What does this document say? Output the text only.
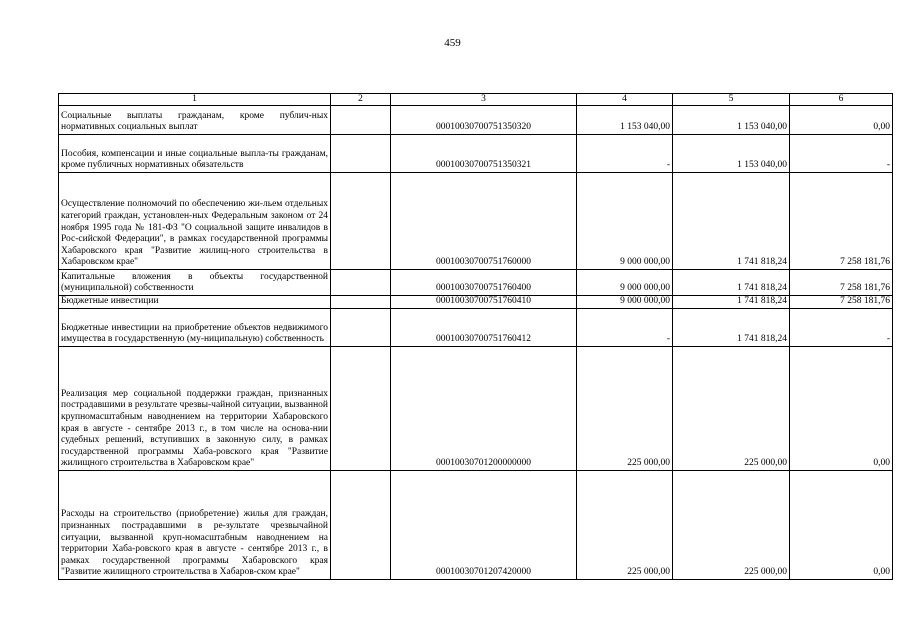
459
1	2	3	4	5	6
Социальные выплаты гражданам, кроме публич-ных нормативных социальных выплат		00010030700751350320	1 153 040,00	1 153 040,00	0,00
Пособия, компенсации и иные социальные выпла-ты гражданам, кроме публичных нормативных обязательств		00010030700751350321	-	1 153 040,00	-
Осуществление полномочий по обеспечению жи-льем отдельных категорий граждан, установлен-ных Федеральным законом от 24 ноября 1995 года № 181-ФЗ "О социальной защите инвалидов в Рос-сийской Федерации", в рамках государственной программы Хабаровского края "Развитие жилищ-ного строительства в Хабаровском крае"		00010030700751760000	9 000 000,00	1 741 818,24	7 258 181,76
Капитальные вложения в объекты государственной (муниципальной) собственности		00010030700751760400	9 000 000,00	1 741 818,24	7 258 181,76
Бюджетные инвестиции		00010030700751760410	9 000 000,00	1 741 818,24	7 258 181,76
Бюджетные инвестиции на приобретение объектов недвижимого имущества в государственную (му-ниципальную) собственность		00010030700751760412	-	1 741 818,24	-
Реализация мер социальной поддержки граждан, признанных пострадавшими в результате чрезвы-чайной ситуации, вызванной крупномасштабным наводнением на территории Хабаровского края в августе - сентябре 2013 г., в том числе на основа-нии судебных решений, вступивших в законную силу, в рамках государственной программы Хаба-ровского края "Развитие жилищного строительства в Хабаровском крае"		00010030701200000000	225 000,00	225 000,00	0,00
Расходы на строительство (приобретение) жилья для граждан, признанных пострадавшими в ре-зультате чрезвычайной ситуации, вызванной круп-номасштабным наводнением на территории Хаба-ровского края в августе - сентябре 2013 г., в рамках государственной программы Хабаровского края "Развитие жилищного строительства в Хабаров-ском крае"		00010030701207420000	225 000,00	225 000,00	0,00
